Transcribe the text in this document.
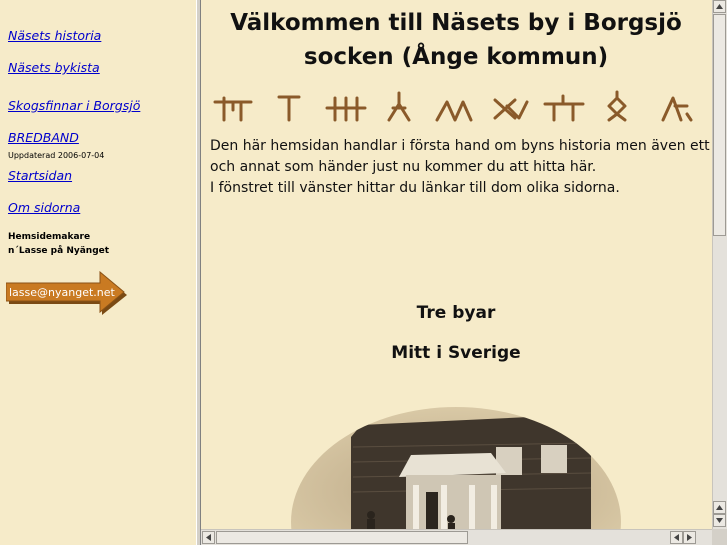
Näsets historia
Näsets bykista
Skogsfinnar i Borgsjö
BREDBAND
Uppdaterad 2006-07-04
Startsidan
Om sidorna
Hemsidemakare
n´Lasse på Nyänget
lasse@nyanget.net
Välkommen till Näsets by i Borgsjö
socken (Ånge kommun)
Den här hemsidan handlar i första hand om byns historia men även ett
och annat som händer just nu kommer du att hitta här.
I fönstret till vänster hittar du länkar till dom olika sidorna.
Tre byar
Mitt i Sverige
